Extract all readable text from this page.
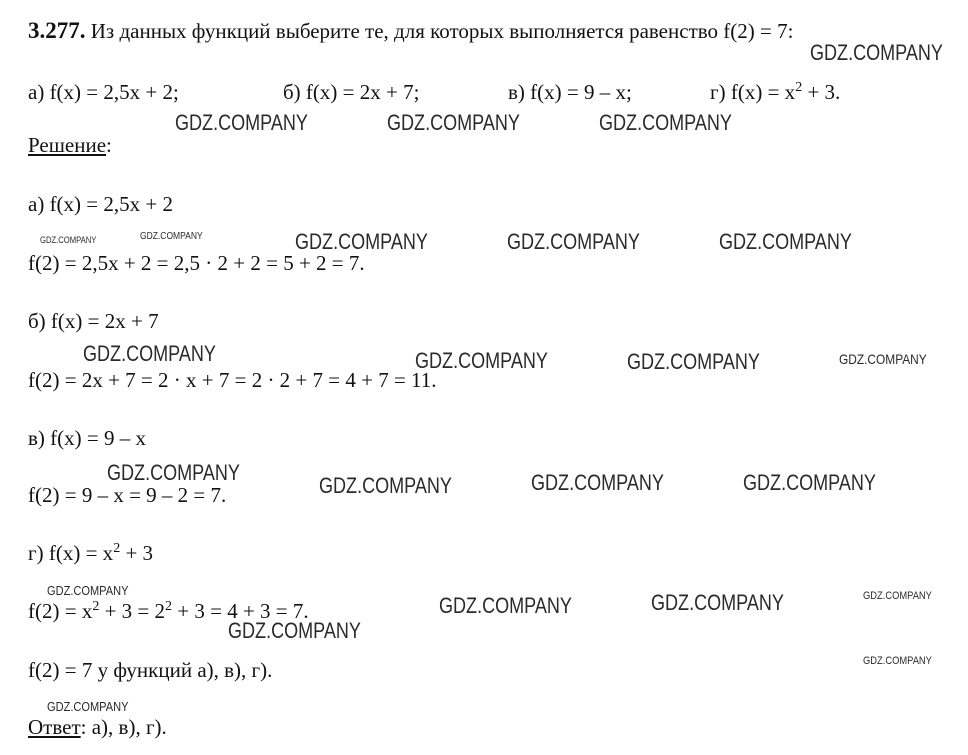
3.277. Из данных функций выберите те, для которых выполняется равенство f(2) = 7:
а) f(x) = 2,5x + 2;	б) f(x) = 2x + 7;	в) f(x) = 9 – x;	г) $f(x) = x^2 + 3$.
Решение:
а) f(x) = 2,5x + 2
f(2) = 2,5x + 2 = 2,5 · 2 + 2 = 5 + 2 = 7.
б) f(x) = 2x + 7
f(2) = 2x + 7 = 2 · x + 7 = 2 · 2 + 7 = 4 + 7 = 11.
в) f(x) = 9 – x
f(2) = 9 – x = 9 – 2 = 7.
г) $f(x) = x^2 + 3$
$f(2) = x^2 + 3 = 2^2 + 3 = 4 + 3 = 7$.
f(2) = 7 у функций а), в), г).
Ответ: а), в), г).
GDZ.COMPANY
GDZ.COMPANY	GDZ.COMPANY	GDZ.COMPANY
GDZ.COMPANY	GDZ.COMPANY	GDZ.COMPANY	GDZ.COMPANY	GDZ.COMPANY
GDZ.COMPANY	GDZ.COMPANY	GDZ.COMPANY	GDZ.COMPANY
GDZ.COMPANY
GDZ.COMPANY	GDZ.COMPANY	GDZ.COMPANY
GDZ.COMPANY
GDZ.COMPANY	GDZ.COMPANY	GDZ.COMPANY
GDZ.COMPANY
GDZ.COMPANY
GDZ.COMPANY
